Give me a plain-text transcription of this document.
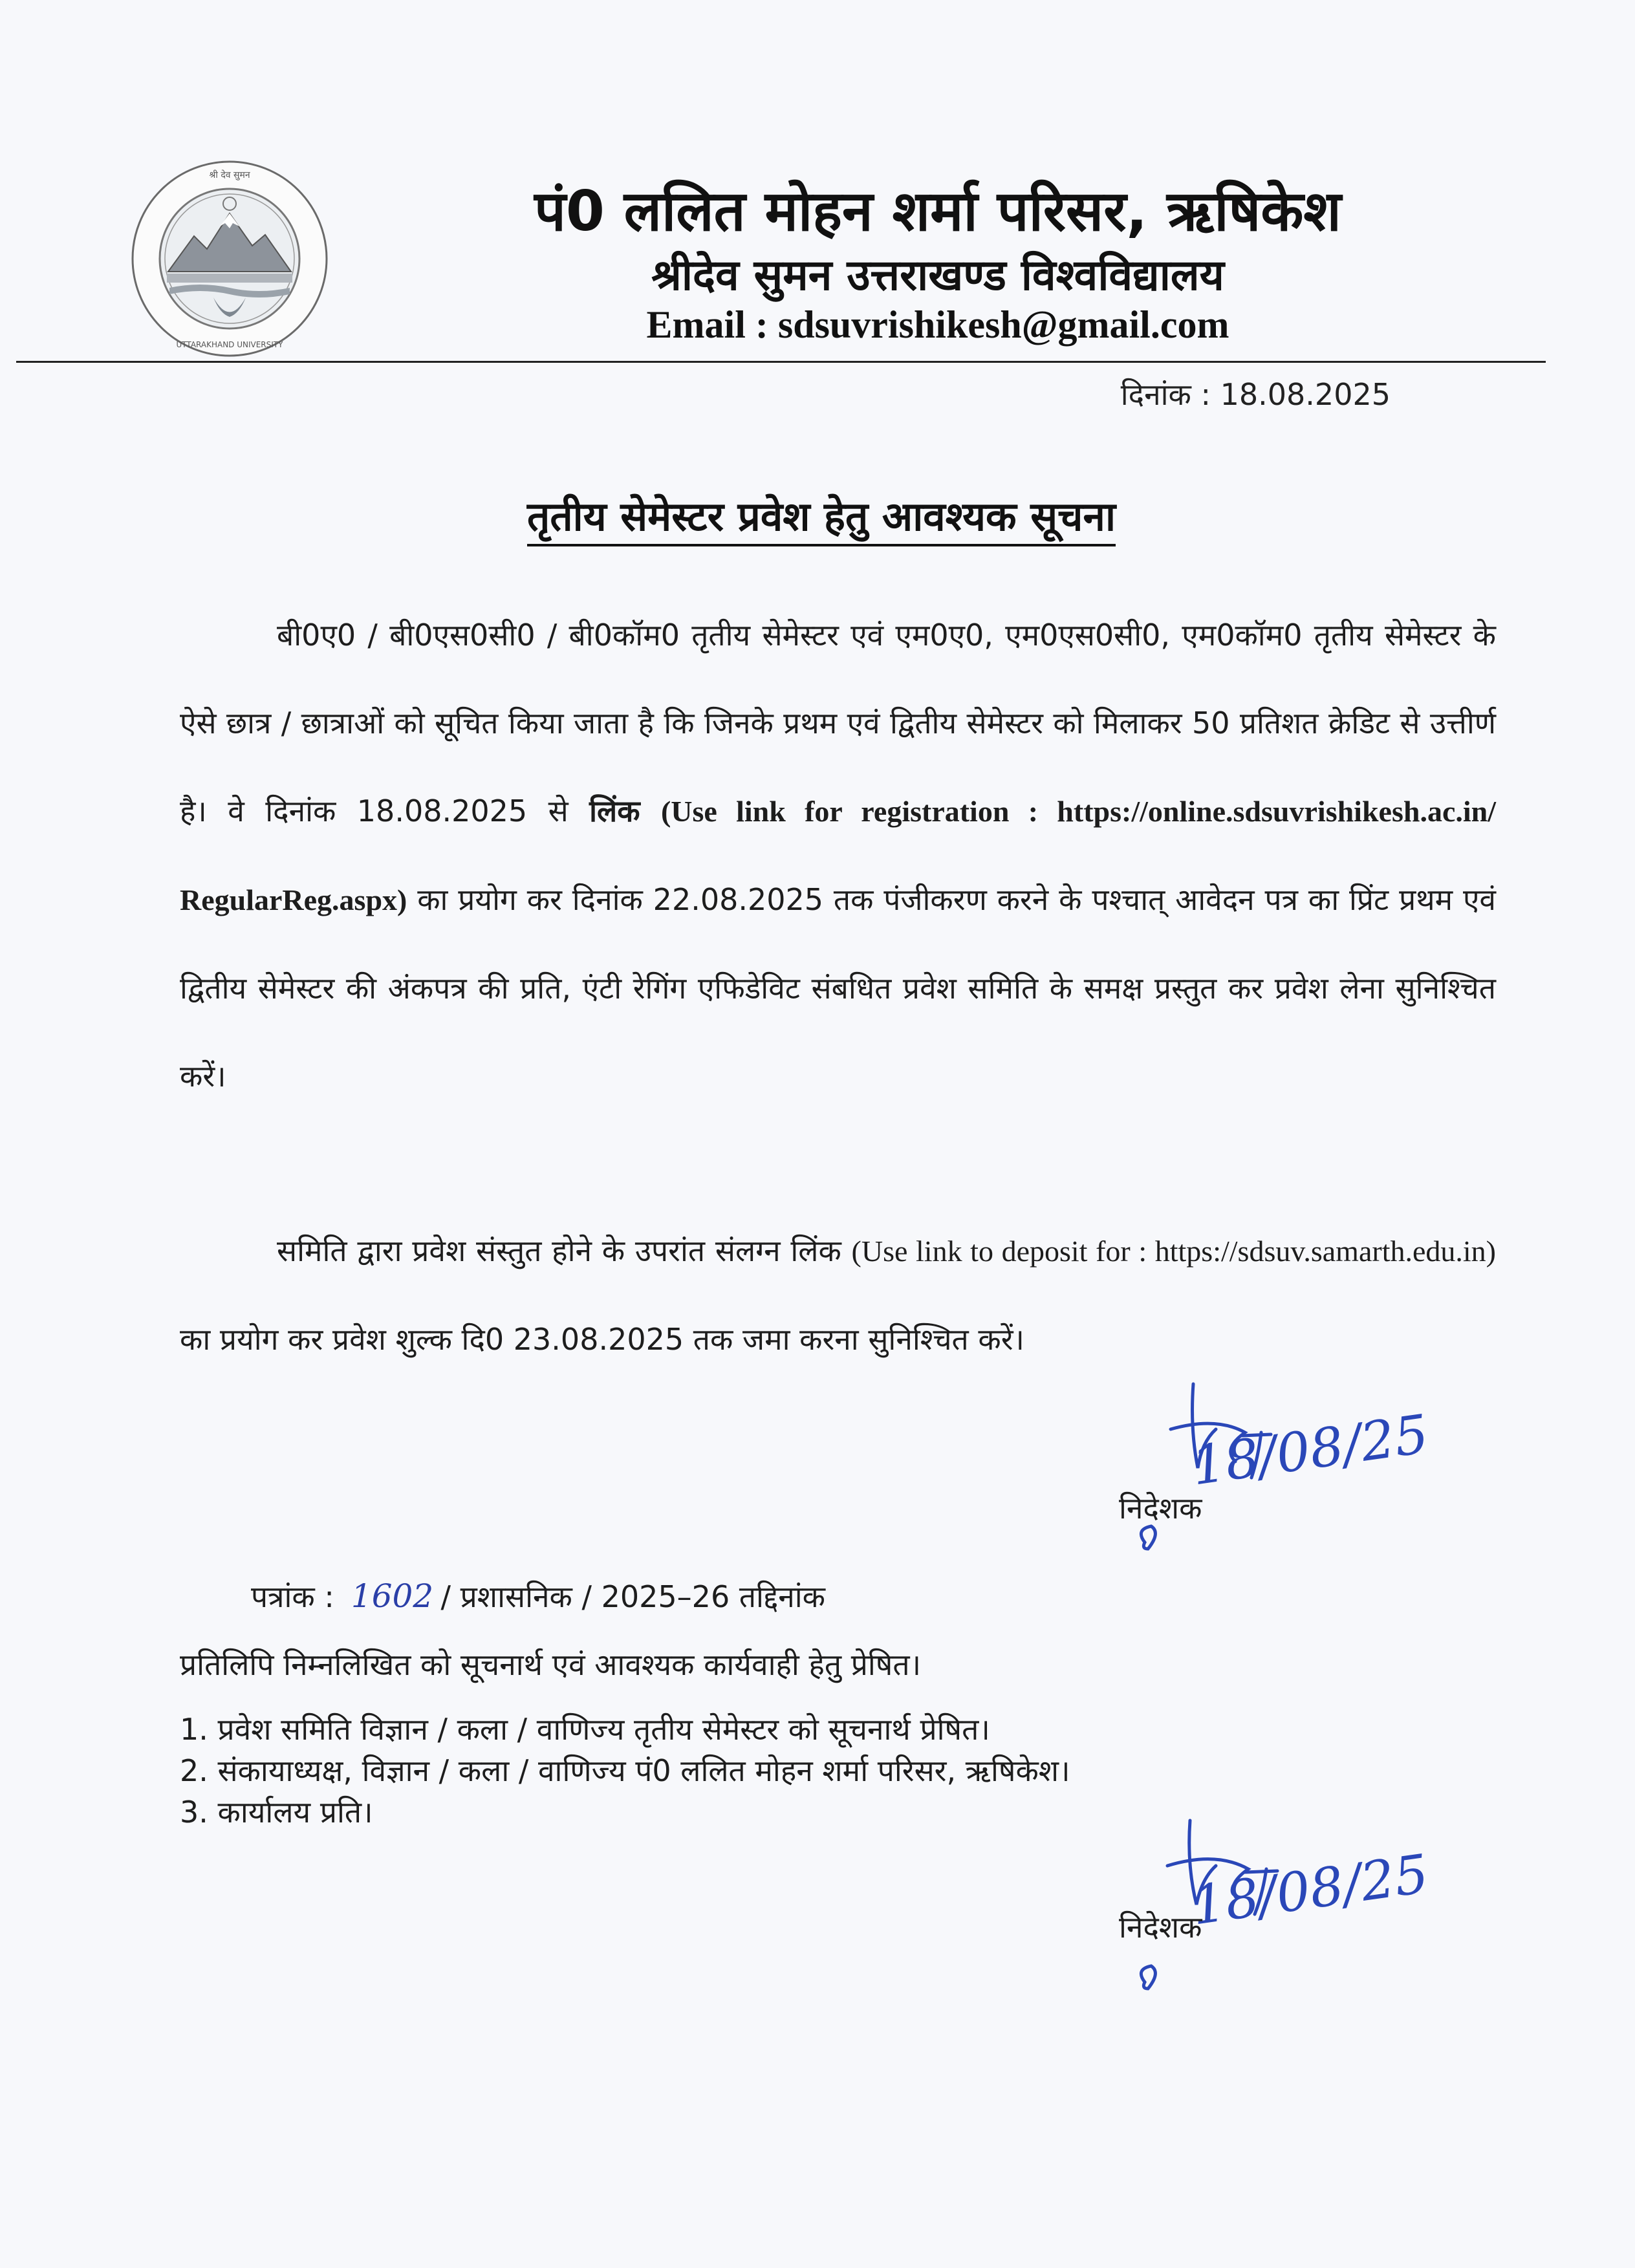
श्री देव सुमन
UTTARAKHAND UNIVERSITY
पं0 ललित मोहन शर्मा परिसर, ऋषिकेश
श्रीदेव सुमन उत्तराखण्ड विश्वविद्यालय
Email : sdsuvrishikesh@gmail.com
दिनांक : 18.08.2025
तृतीय सेमेस्टर प्रवेश हेतु आवश्यक सूचना
बी0ए0 / बी0एस0सी0 / बी0कॉम0 तृतीय सेमेस्टर एवं एम0ए0, एम0एस0सी0, एम0कॉम0 तृतीय सेमेस्टर के ऐसे छात्र / छात्राओं को सूचित किया जाता है कि जिनके प्रथम एवं द्वितीय सेमेस्टर को मिलाकर 50 प्रतिशत क्रेडिट से उत्तीर्ण है। वे दिनांक 18.08.2025 से लिंक (Use link for registration : https://online.sdsuvrishikesh.ac.in/ RegularReg.aspx) का प्रयोग कर दिनांक 22.08.2025 तक पंजीकरण करने के पश्चात् आवेदन पत्र का प्रिंट प्रथम एवं द्वितीय सेमेस्टर की अंकपत्र की प्रति, एंटी रेगिंग एफिडेविट संबधित प्रवेश समिति के समक्ष प्रस्तुत कर प्रवेश लेना सुनिश्चित करें।
समिति द्वारा प्रवेश संस्तुत होने के उपरांत संलग्न लिंक (Use link to deposit for : https://sdsuv.samarth.edu.in) का प्रयोग कर प्रवेश शुल्क दि0 23.08.2025 तक जमा करना सुनिश्चित करें।
18/08/25
निदेशक
पत्रांक : 1602 / प्रशासनिक / 2025–26 तद्दिनांक
प्रतिलिपि निम्नलिखित को सूचनार्थ एवं आवश्यक कार्यवाही हेतु प्रेषित।
1. प्रवेश समिति विज्ञान / कला / वाणिज्य तृतीय सेमेस्टर को सूचनार्थ प्रेषित।
2. संकायाध्यक्ष, विज्ञान / कला / वाणिज्य पं0 ललित मोहन शर्मा परिसर, ऋषिकेश।
3. कार्यालय प्रति।
18/08/25
निदेशक
